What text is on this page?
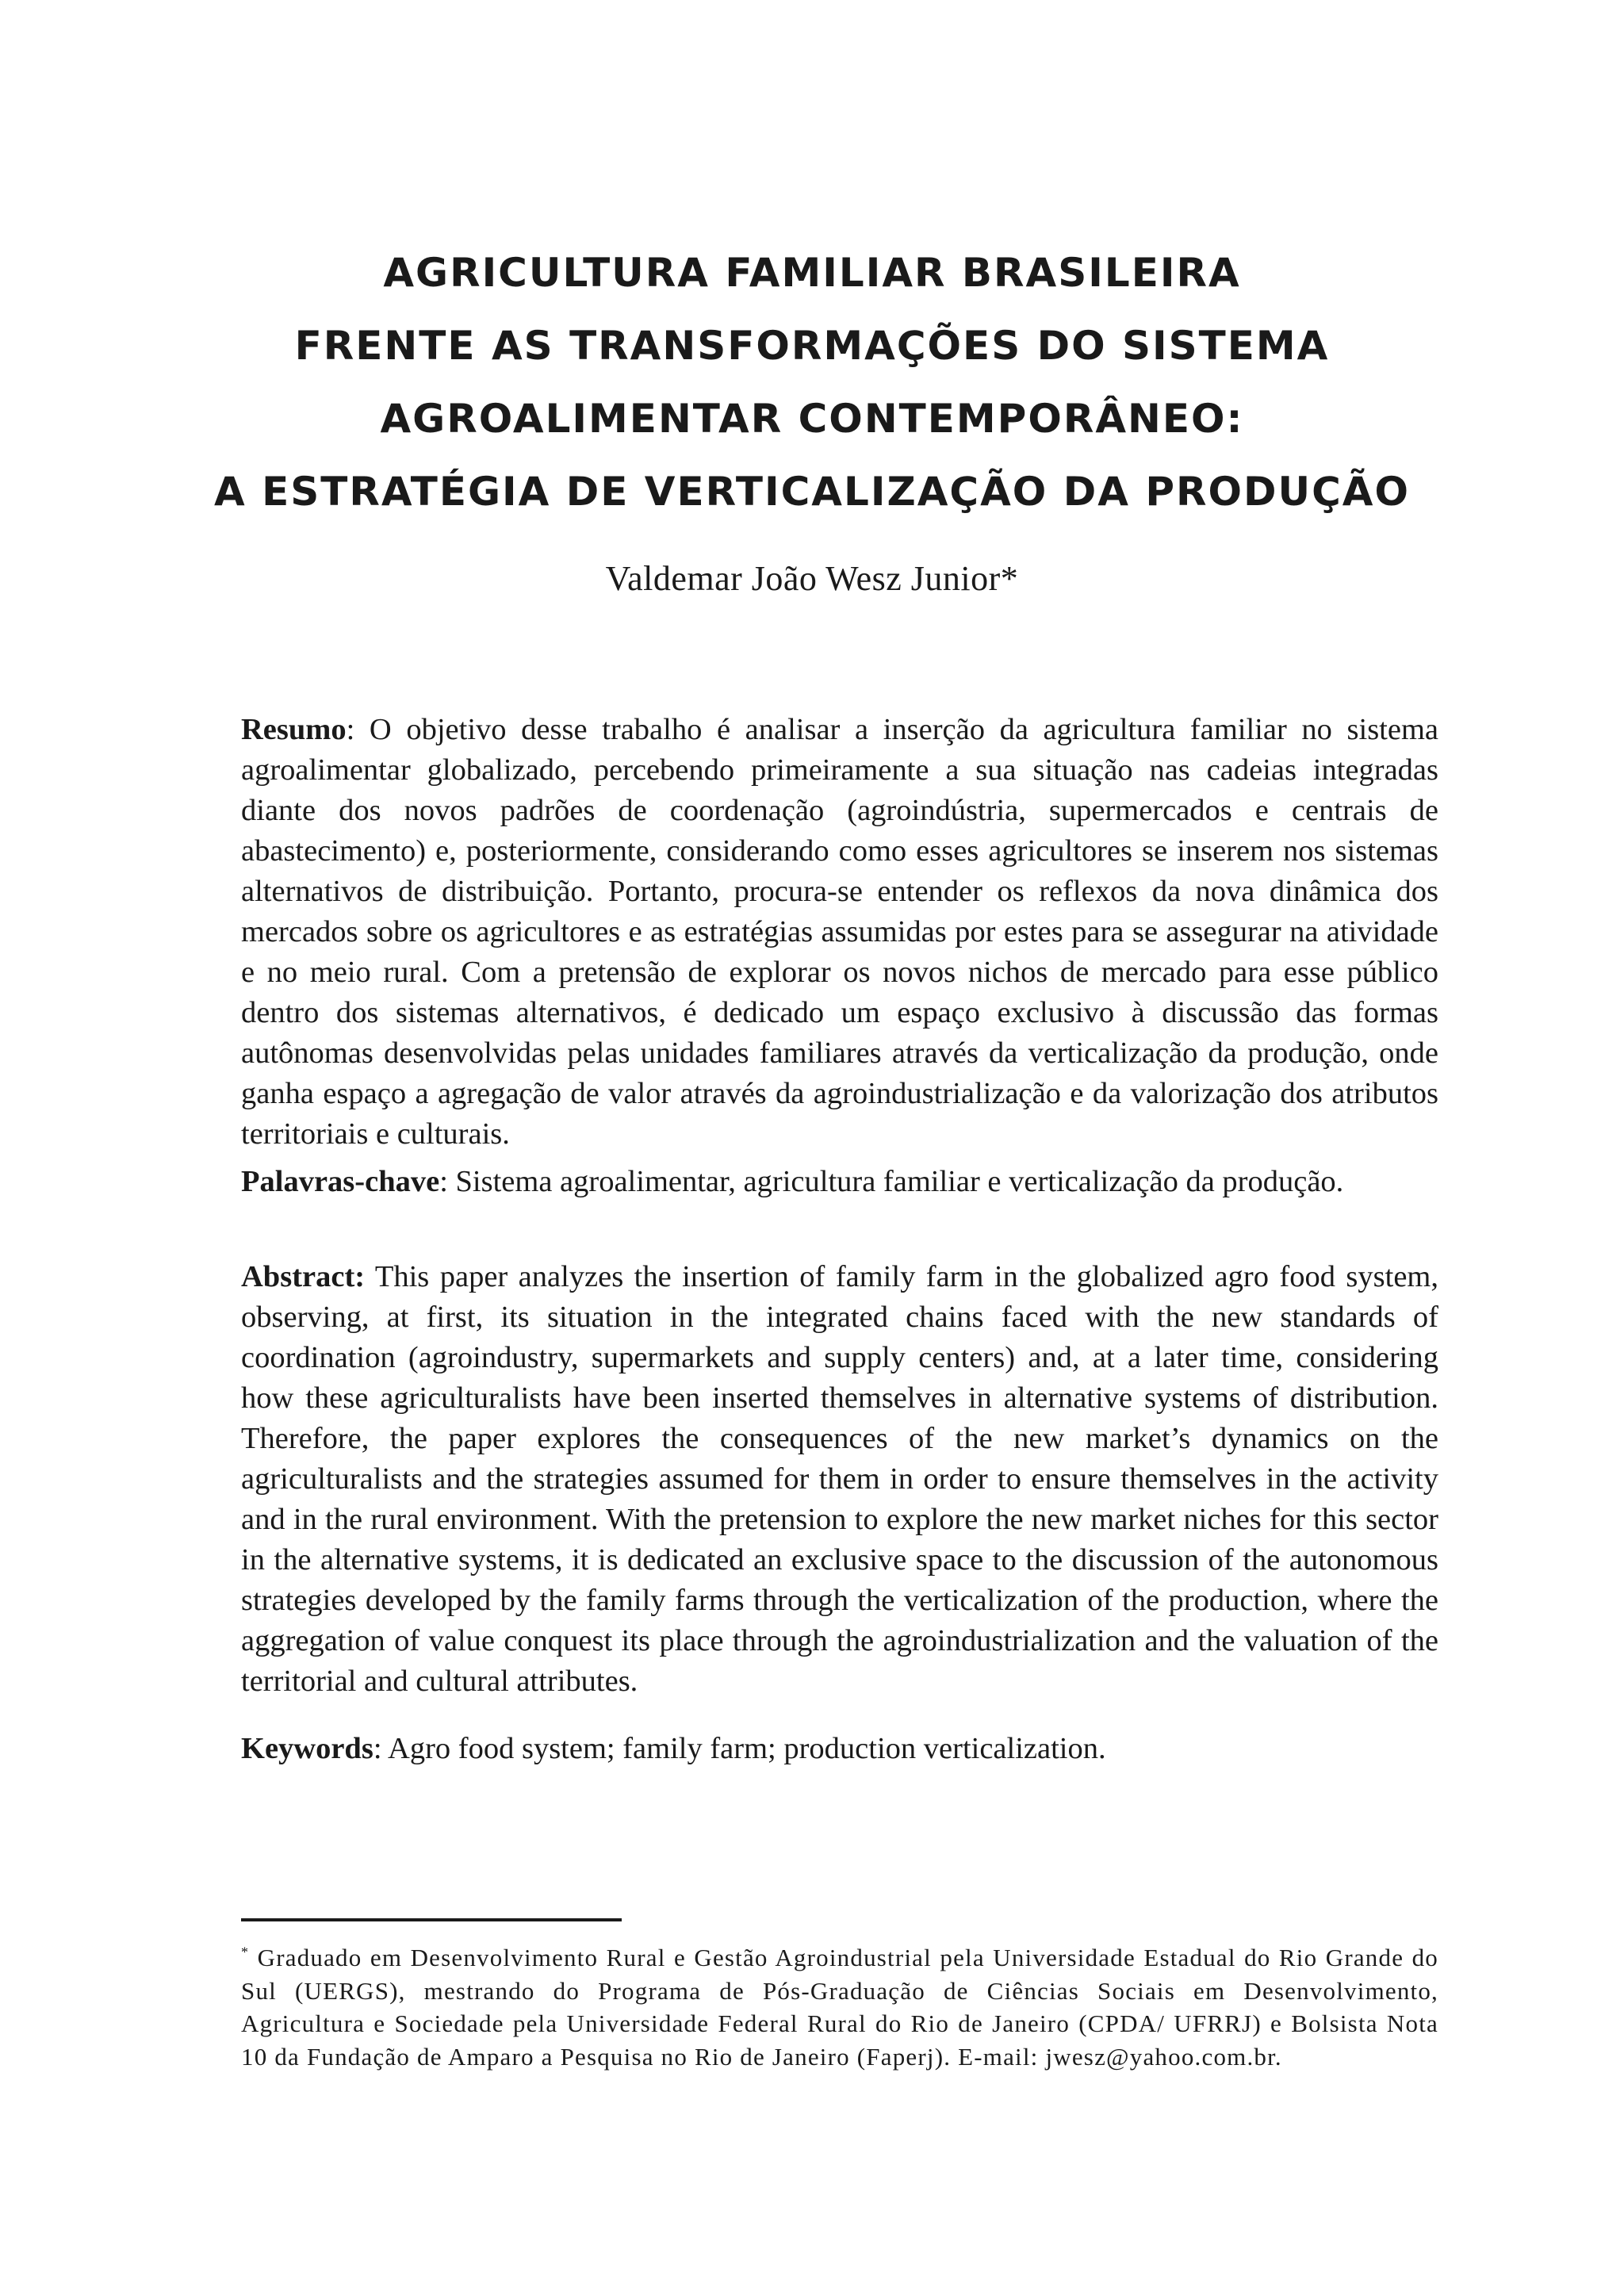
AGRICULTURA FAMILIAR BRASILEIRA
FRENTE AS TRANSFORMAÇÕES DO SISTEMA
AGROALIMENTAR CONTEMPORÂNEO:
A ESTRATÉGIA DE VERTICALIZAÇÃO DA PRODUÇÃO
Valdemar João Wesz Junior*

Resumo: O objetivo desse trabalho é analisar a inserção da agricultura familiar no sistema agroalimentar globalizado, percebendo primeiramente a sua situação nas cadeias integradas diante dos novos padrões de coordenação (agroindústria, supermercados e centrais de abastecimento) e, posteriormente, considerando como esses agricultores se inserem nos sistemas alternativos de distribuição. Portanto, procura-se entender os reflexos da nova dinâmica dos mercados sobre os agricultores e as estratégias assumidas por estes para se assegurar na atividade e no meio rural. Com a pretensão de explorar os novos nichos de mercado para esse público dentro dos sistemas alternativos, é dedicado um espaço exclusivo à discussão das formas autônomas desenvolvidas pelas unidades familiares através da verticalização da produção, onde ganha espaço a agregação de valor através da agroindustrialização e da valorização dos atributos territoriais e culturais.

Palavras-chave: Sistema agroalimentar, agricultura familiar e verticalização da produção.

Abstract: This paper analyzes the insertion of family farm in the globalized agro food system, observing, at first, its situation in the integrated chains faced with the new standards of coordination (agroindustry, supermarkets and supply centers) and, at a later time, considering how these agriculturalists have been inserted themselves in alternative systems of distribution. Therefore, the paper explores the consequences of the new market’s dynamics on the agriculturalists and the strategies assumed for them in order to ensure themselves in the activity and in the rural environment. With the pretension to explore the new market niches for this sector in the alternative systems, it is dedicated an exclusive space to the discussion of the autonomous strategies developed by the family farms through the verticalization of the production, where the aggregation of value conquest its place through the agroindustrialization and the valuation of the territorial and cultural attributes.

Keywords: Agro food system; family farm; production verticalization.

* Graduado em Desenvolvimento Rural e Gestão Agroindustrial pela Universidade Estadual do Rio Grande do Sul (UERGS), mestrando do Programa de Pós-Graduação de Ciências Sociais em Desenvolvimento, Agricultura e Sociedade pela Universidade Federal Rural do Rio de Janeiro (CPDA/ UFRRJ) e Bolsista Nota 10 da Fundação de Amparo a Pesquisa no Rio de Janeiro (Faperj). E-mail: jwesz@yahoo.com.br.
